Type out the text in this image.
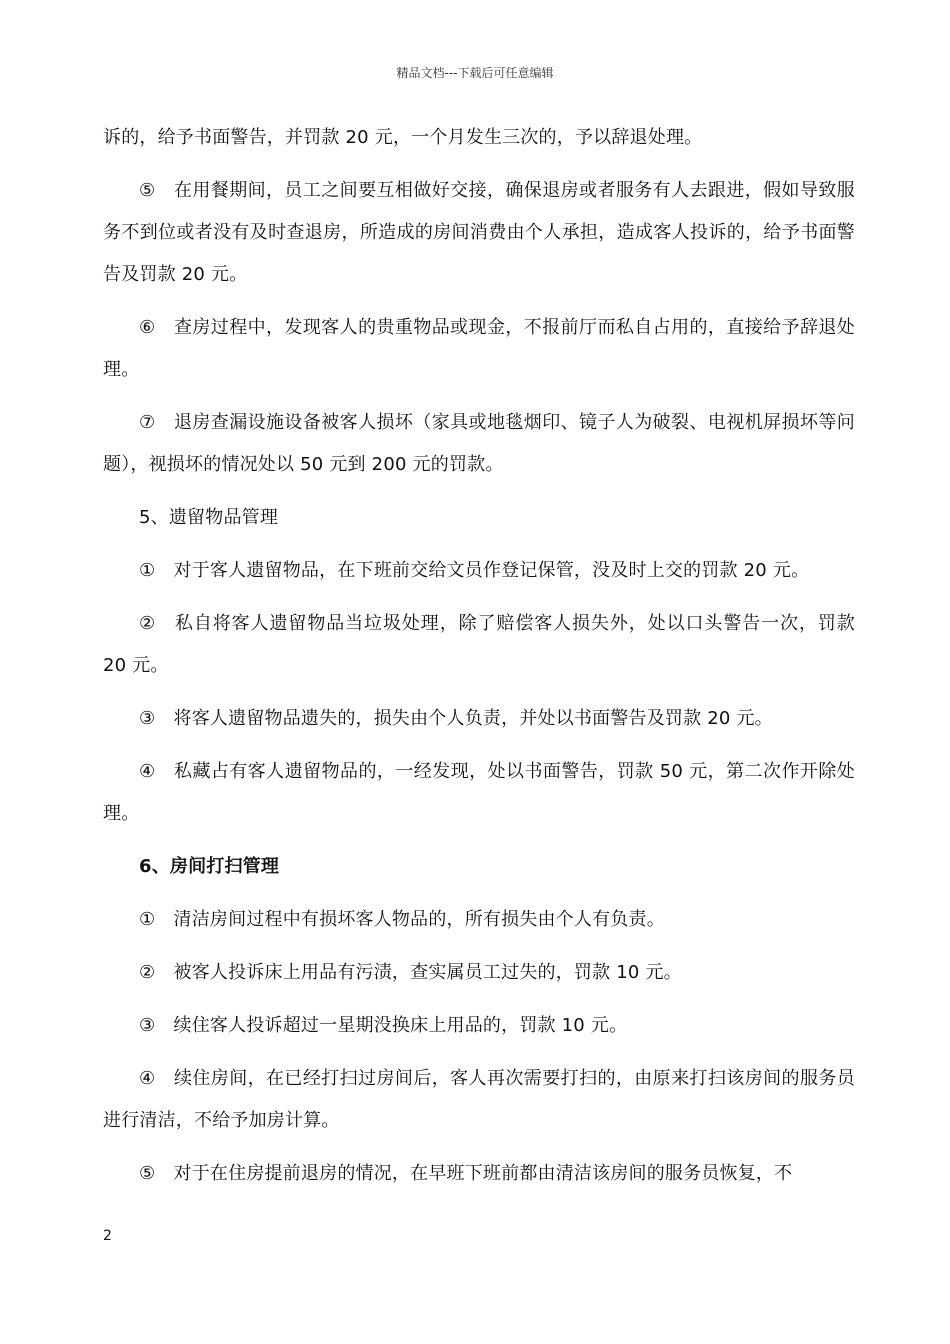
精品文档---下载后可任意编辑

诉的，给予书面警告，并罚款 20 元，一个月发生三次的，予以辞退处理。

⑤　在用餐期间，员工之间要互相做好交接，确保退房或者服务有人去跟进，假如导致服务不到位或者没有及时查退房，所造成的房间消费由个人承担，造成客人投诉的，给予书面警告及罚款 20 元。

⑥　查房过程中，发现客人的贵重物品或现金，不报前厅而私自占用的，直接给予辞退处理。

⑦　退房查漏设施设备被客人损坏（家具或地毯烟印、镜子人为破裂、电视机屏损坏等问题），视损坏的情况处以 50 元到 200 元的罚款。

5、遗留物品管理

①　对于客人遗留物品，在下班前交给文员作登记保管，没及时上交的罚款 20 元。

②　私自将客人遗留物品当垃圾处理，除了赔偿客人损失外，处以口头警告一次，罚款 20 元。

③　将客人遗留物品遗失的，损失由个人负责，并处以书面警告及罚款 20 元。

④　私藏占有客人遗留物品的，一经发现，处以书面警告，罚款 50 元，第二次作开除处理。

6、房间打扫管理

①　清洁房间过程中有损坏客人物品的，所有损失由个人有负责。

②　被客人投诉床上用品有污渍，查实属员工过失的，罚款 10 元。

③　续住客人投诉超过一星期没换床上用品的，罚款 10 元。

④　续住房间，在已经打扫过房间后，客人再次需要打扫的，由原来打扫该房间的服务员进行清洁，不给予加房计算。

⑤　对于在住房提前退房的情况，在早班下班前都由清洁该房间的服务员恢复，不

2
